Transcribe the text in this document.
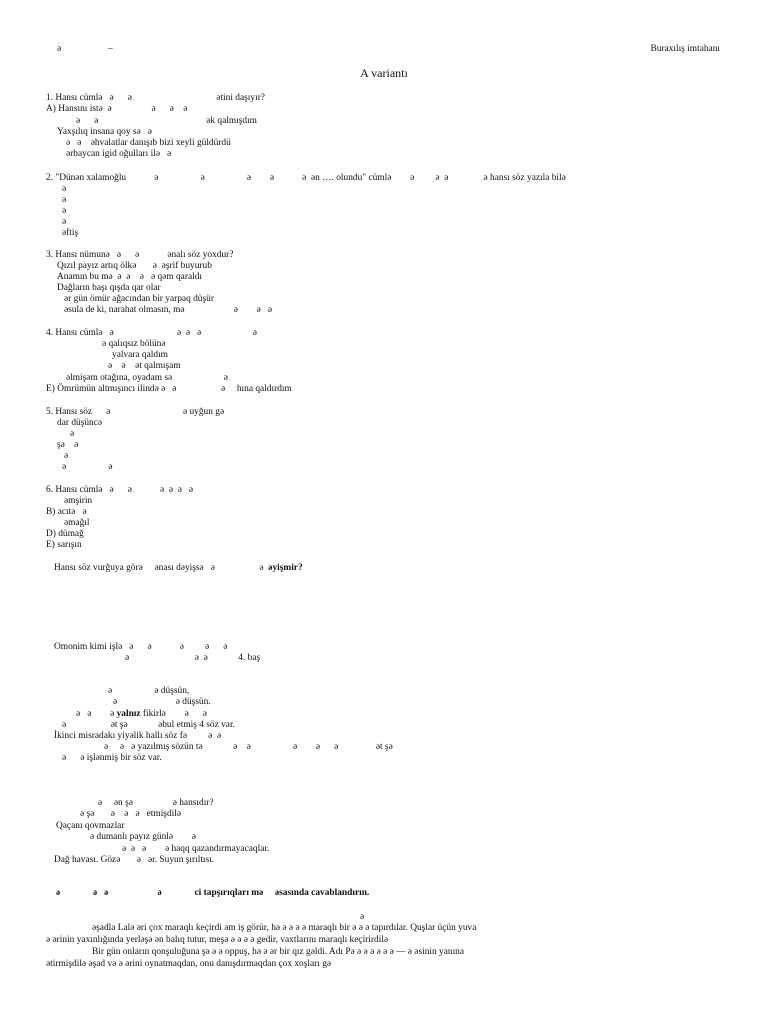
ə                    –	Buraxılış imtahanı
A variantı
1. Hansı cümlə   ə      ə                                    ətini daşıyır?
A) Hansını istə  ə                 ə      ə    ə
ə      ə                                              ək qalmışdım
Yaxşılıq insana qoy sə   ə
ə   ə    əhvalatlar danışıb bizi xeyli güldürdü
ərbaycan igid oğulları ilə   ə
2. "Dünən xalamoğlu            ə                  ə                  ə        ə            ə  ən …. olundu" cümlə        ə         ə  ə               ə hansı söz yazıla bilə
ə
ə
ə
ə
əftiş
3. Hansı nümunə   ə      ə            ənalı söz yoxdur?
Qızıl payız artıq ölkə       ə  əşrif buyurub
Anamın bu mə  ə  ə    ə   ə qəm qaraldı
Dağların başı qışda qar olar
ər gün ömür ağacından bir yarpaq düşür
əsula de ki, narahat olmasın, mə                     ə        ə   ə
4. Hansı cümlə   ə                           ə  ə   ə                      ə
ə qalıqsız bölünə
yalvara qaldım
ə    ə    ət qalmışam
əlmişəm otağına, oyadam sə                      ə
E) Ömrümün altmışıncı ilində ə   ə                   ə     hına qaldırdım
5. Hansı söz      ə                               ə uyğun gə
dar düşüncə
ə
şə    ə
ə
ə                  ə
6. Hansı cümlə   ə      ə            ə  ə  ə   ə
əmşirin
B) acıtə   ə
əmağıl
D) dümağ
E) sarışın
Hansı söz vurğuya görə     ənası dəyişsə   ə                   ə əyişmir?
Omonim kimi işlə   ə      ə            ə         ə      ə
ə                            ə  ə             4. baş
ə                  ə düşsün,
ə                         ə düşsün.
ə   ə        ə yalnız fikirlə        ə      ə
ə                   ət şə             əbul etmiş 4 söz var.
İkinci misradakı yiyəlik hallı söz fə         ə  ə
ə     ə   ə yazılmış sözün tə             ə    ə                  ə        ə      ə                ət şə
ə      ə işlənmiş bir söz var.
ə     ən şə                 ə hansıdır?
ə şə       ə    ə   ə   etmişdilə
Qaçanı qovmazlar
ə dumanlı payız günlə        ə
ə  ə   ə        ə haqq qazandırmayacaqlar.
Dağ havası. Gözə       ə   ər. Suyun şırıltısı.
ə              ə   ə                     ə              ci tapşırıqları mə     əsasında cavablandırın.
ə
əşadla Lalə əri çox maraqlı keçirdi əm iş görür, hə ə ə ə ə maraqlı bir ə ə ə tapırdılar. Quşlar üçün yuva
ə ərinin yaxınlığında yerləşə ən balıq tutur, meşə ə ə ə ə gedir, vaxtlarını maraqlı keçirirdilə
Bir gün onların qonşuluğuna şə ə ə oppuş, hə ə ər bir qız gəldi. Adı Pə ə ə ə ə ə ə — ə əsinin yanına
ətirmişdilə əşad və ə ərini oynatmaqdan, onu danışdırmaqdan çox xoşları gə
